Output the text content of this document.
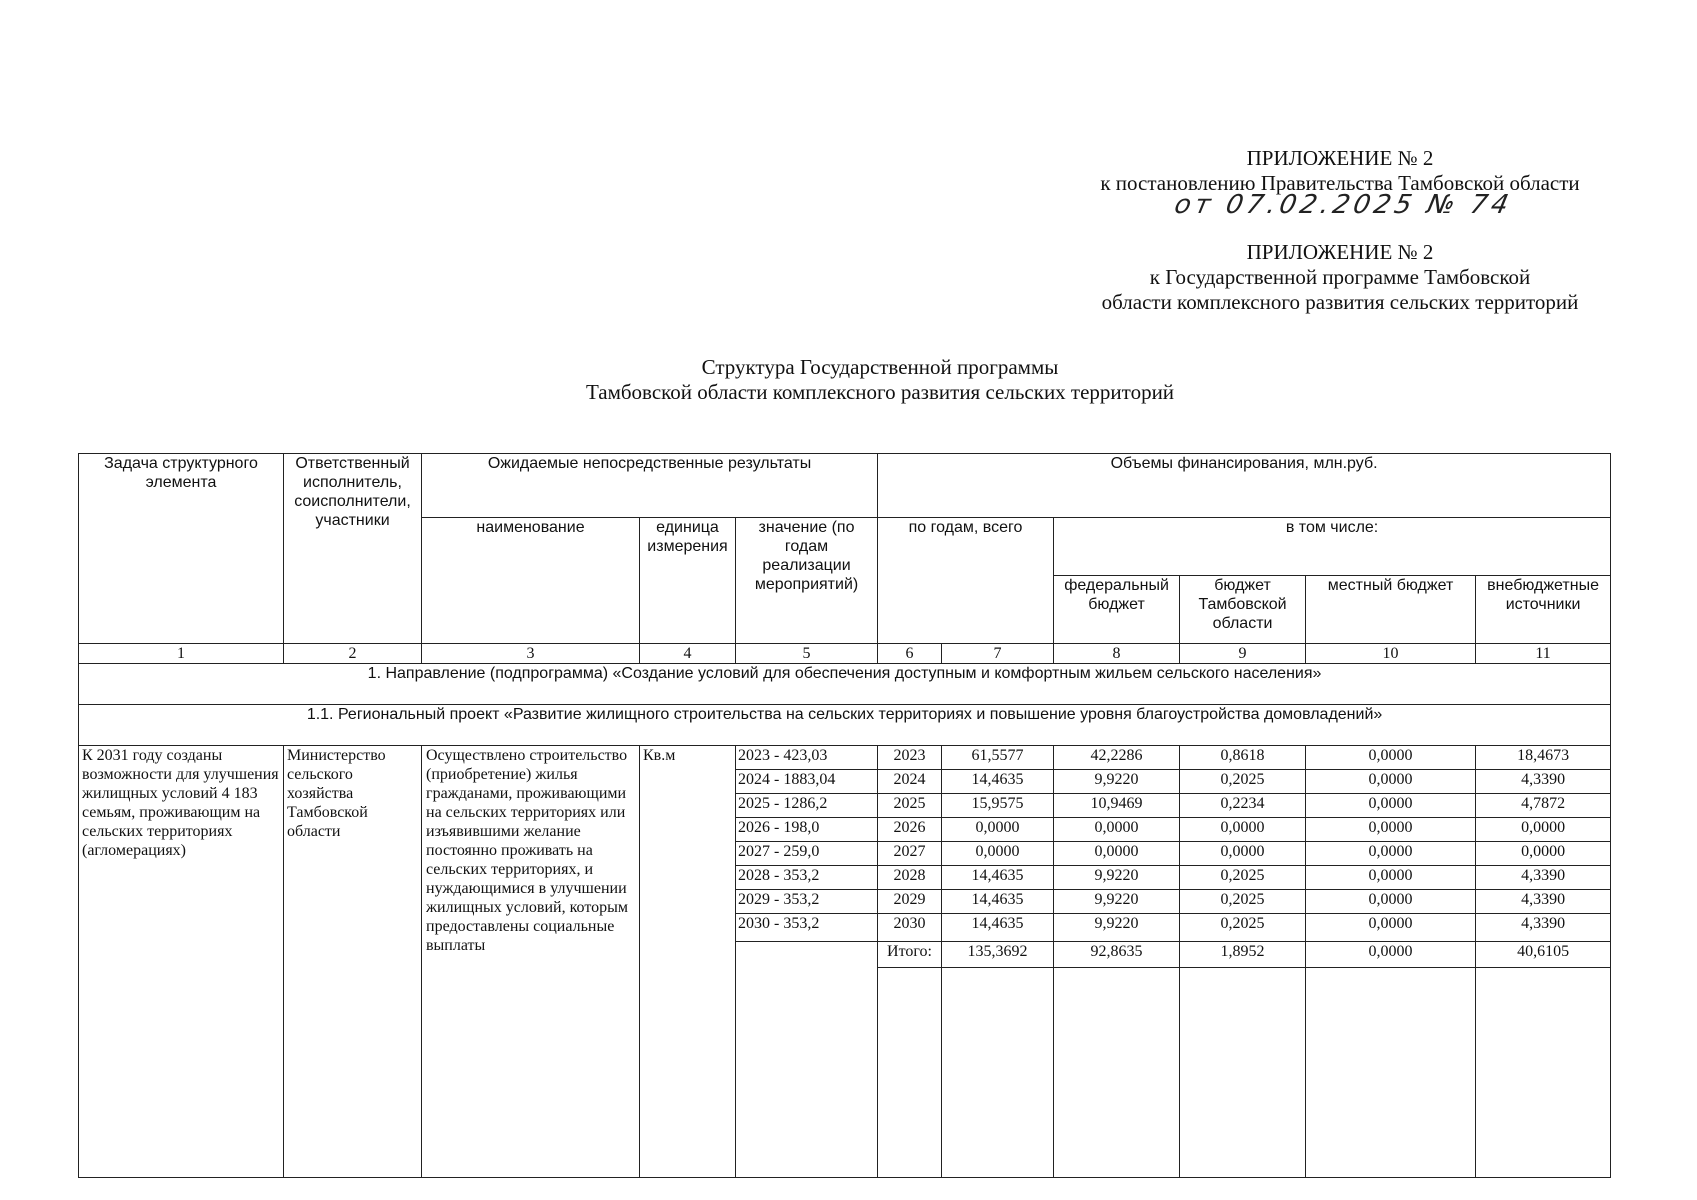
ПРИЛОЖЕНИЕ № 2
к постановлению Правительства Тамбовской области
от 07.02.2025 № 74
ПРИЛОЖЕНИЕ № 2
к Государственной программе Тамбовской
области комплексного развития сельских территорий
Структура Государственной программы
Тамбовской области комплексного развития сельских территорий
Задача структурного элемента	Ответственный исполнитель, соисполнители, участники	Ожидаемые непосредственные результаты			Объемы финансирования, млн.руб.					
		наименование	единица измерения	значение (по годам реализации мероприятий)	по годам, всего		в том числе:			
							федеральный бюджет	бюджет Тамбовской области	местный бюджет	внебюджетные источники
1	2	3	4	5	6	7	8	9	10	11
1. Направление (подпрограмма) «Создание условий для обеспечения доступным и комфортным жильем сельского населения»										
1.1. Региональный проект «Развитие жилищного строительства на сельских территориях и повышение уровня благоустройства домовладений»										
К 2031 году созданы возможности для улучшения жилищных условий 4 183 семьям, проживающим на сельских территориях (агломерациях)	Министерство сельского хозяйства Тамбовской области	Осуществлено строительство (приобретение) жилья гражданами, проживающими на сельских территориях или изъявившими желание постоянно проживать на сельских территориях, и нуждающимися в улучшении жилищных условий, которым предоставлены социальные выплаты	Кв.м	2023 - 423,03	2023	61,5577	42,2286	0,8618	0,0000	18,4673
				2024 - 1883,04	2024	14,4635	9,9220	0,2025	0,0000	4,3390
				2025 - 1286,2	2025	15,9575	10,9469	0,2234	0,0000	4,7872
				2026 - 198,0	2026	0,0000	0,0000	0,0000	0,0000	0,0000
				2027 - 259,0	2027	0,0000	0,0000	0,0000	0,0000	0,0000
				2028 - 353,2	2028	14,4635	9,9220	0,2025	0,0000	4,3390
				2029 - 353,2	2029	14,4635	9,9220	0,2025	0,0000	4,3390
				2030 - 353,2	2030	14,4635	9,9220	0,2025	0,0000	4,3390
					Итого:	135,3692	92,8635	1,8952	0,0000	40,6105
